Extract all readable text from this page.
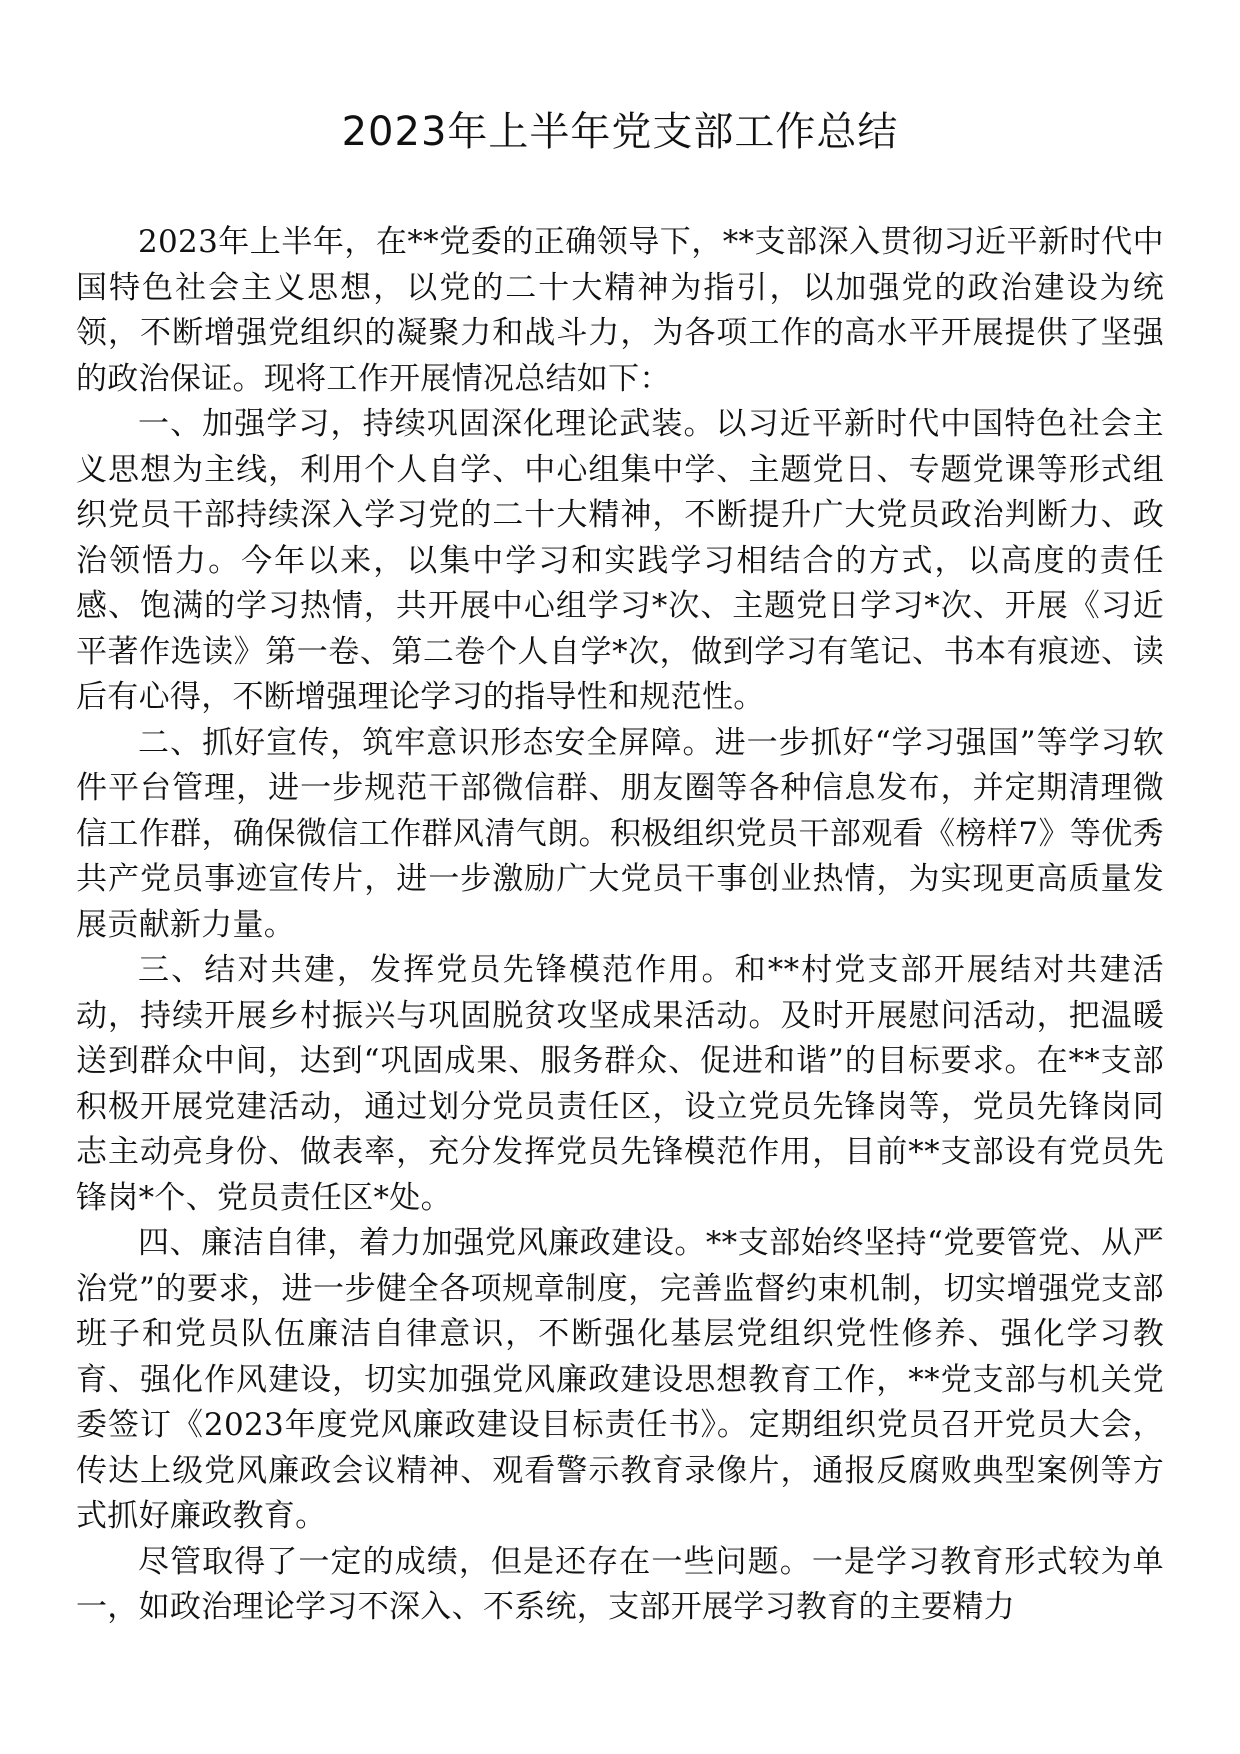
2023年上半年党支部工作总结

2023年上半年，在**党委的正确领导下，**支部深入贯彻习近平新时代中国特色社会主义思想，以党的二十大精神为指引，以加强党的政治建设为统领，不断增强党组织的凝聚力和战斗力，为各项工作的高水平开展提供了坚强的政治保证。现将工作开展情况总结如下：

一、加强学习，持续巩固深化理论武装。以习近平新时代中国特色社会主义思想为主线，利用个人自学、中心组集中学、主题党日、专题党课等形式组织党员干部持续深入学习党的二十大精神，不断提升广大党员政治判断力、政治领悟力。今年以来，以集中学习和实践学习相结合的方式，以高度的责任感、饱满的学习热情，共开展中心组学习*次、主题党日学习*次、开展《习近平著作选读》第一卷、第二卷个人自学*次，做到学习有笔记、书本有痕迹、读后有心得，不断增强理论学习的指导性和规范性。

二、抓好宣传，筑牢意识形态安全屏障。进一步抓好“学习强国”等学习软件平台管理，进一步规范干部微信群、朋友圈等各种信息发布，并定期清理微信工作群，确保微信工作群风清气朗。积极组织党员干部观看《榜样7》等优秀共产党员事迹宣传片，进一步激励广大党员干事创业热情，为实现更高质量发展贡献新力量。

三、结对共建，发挥党员先锋模范作用。和**村党支部开展结对共建活动，持续开展乡村振兴与巩固脱贫攻坚成果活动。及时开展慰问活动，把温暖送到群众中间，达到“巩固成果、服务群众、促进和谐”的目标要求。在**支部积极开展党建活动，通过划分党员责任区，设立党员先锋岗等，党员先锋岗同志主动亮身份、做表率，充分发挥党员先锋模范作用，目前**支部设有党员先锋岗*个、党员责任区*处。

四、廉洁自律，着力加强党风廉政建设。**支部始终坚持“党要管党、从严治党”的要求，进一步健全各项规章制度，完善监督约束机制，切实增强党支部班子和党员队伍廉洁自律意识，不断强化基层党组织党性修养、强化学习教育、强化作风建设，切实加强党风廉政建设思想教育工作，**党支部与机关党委签订《2023年度党风廉政建设目标责任书》。定期组织党员召开党员大会，传达上级党风廉政会议精神、观看警示教育录像片，通报反腐败典型案例等方式抓好廉政教育。

尽管取得了一定的成绩，但是还存在一些问题。一是学习教育形式较为单一，如政治理论学习不深入、不系统，支部开展学习教育的主要精力
